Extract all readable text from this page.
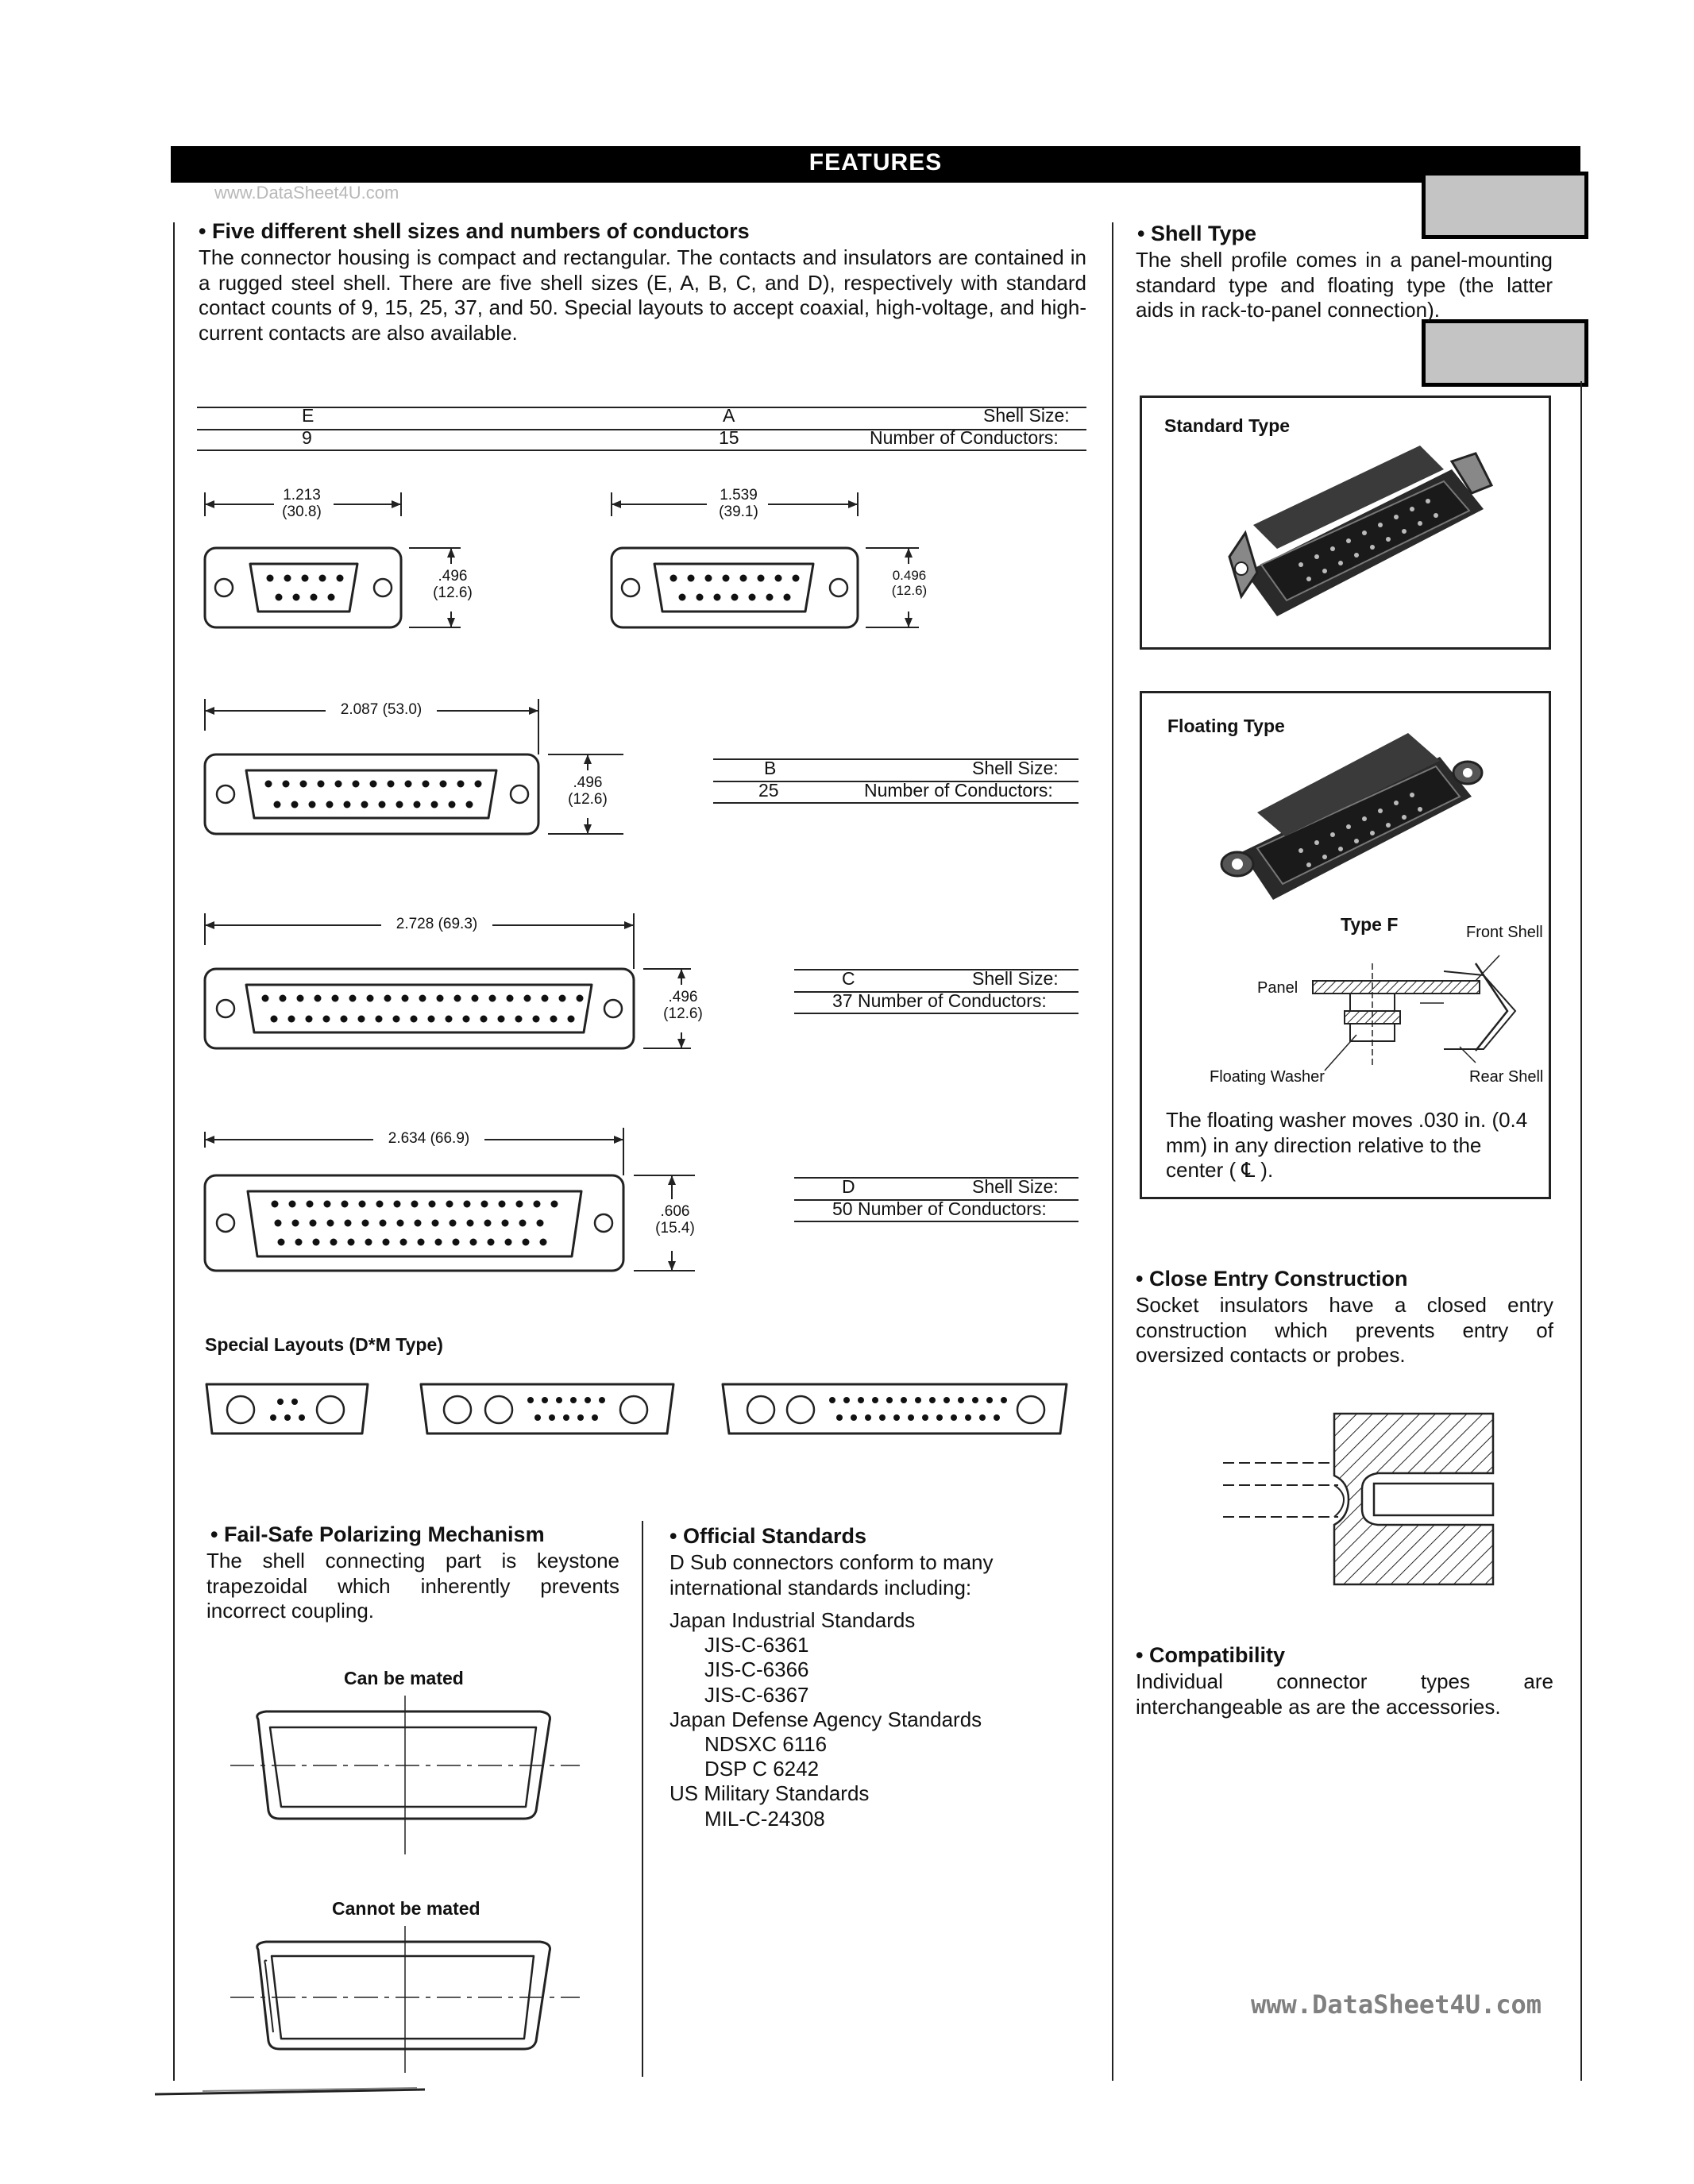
FEATURES
www.DataSheet4U.com
• Five different shell sizes and numbers of conductors
The connector housing is compact and rectangular. The contacts and insulators are contained in a rugged steel shell. There are five shell sizes (E, A, B, C, and D), respectively with standard contact counts of 9, 15, 25, 37, and 50. Special layouts to accept coaxial, high-voltage, and high-current contacts are also available.
E	A	Shell Size:
9	15	Number of Conductors:
1.213
(30.8)
.496
(12.6)
1.539
(39.1)
0.496
(12.6)
2.087 (53.0)
.496
(12.6)
B	Shell Size:
25	Number of Conductors:
2.728 (69.3)
.496
(12.6)
C	Shell Size:
37 Number of Conductors:
2.634 (66.9)
.606
(15.4)
D	Shell Size:
50 Number of Conductors:
Special Layouts (D*M Type)
• Fail-Safe Polarizing Mechanism
The shell connecting part is keystone trapezoidal which inherently prevents incorrect coupling.
Can be mated
Cannot be mated
• Official Standards
D Sub connectors conform to many international standards including:
Japan Industrial Standards
JIS-C-6361
JIS-C-6366
JIS-C-6367
Japan Defense Agency Standards
NDSXC 6116
DSP C 6242
US Military Standards
MIL-C-24308
• Shell Type
The shell profile comes in a panel-mounting standard type and floating type (the latter aids in rack-to-panel connection).
Standard Type
Floating Type
Type F	Front Shell
Panel
Floating Washer	Rear Shell
The floating washer moves .030 in. (0.4 mm) in any direction relative to the center ( ℄ ).
• Close Entry Construction
Socket insulators have a closed entry construction which prevents entry of oversized contacts or probes.
• Compatibility
Individual connector types are interchangeable as are the accessories.
www.DataSheet4U.com
